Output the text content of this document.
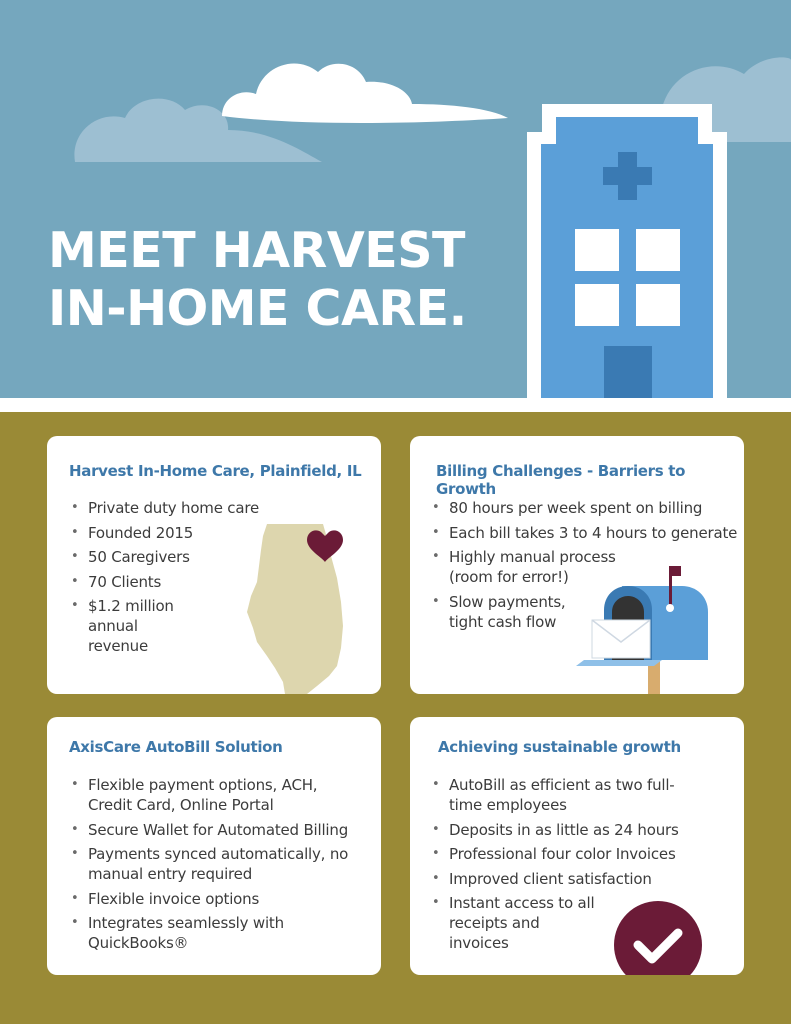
MEET HARVEST
IN-HOME CARE.
Harvest In-Home Care, Plainfield, IL
• Private duty home care
• Founded 2015
• 50 Caregivers
• 70 Clients
• $1.2 million annual revenue
Billing Challenges - Barriers to Growth
• 80 hours per week spent on billing
• Each bill takes 3 to 4 hours to generate
• Highly manual process (room for error!)
• Slow payments, tight cash flow
AxisCare AutoBill Solution
• Flexible payment options, ACH, Credit Card, Online Portal
• Secure Wallet for Automated Billing
• Payments synced automatically, no manual entry required
• Flexible invoice options
• Integrates seamlessly with QuickBooks®
Achieving sustainable growth
• AutoBill as efficient as two full-time employees
• Deposits in as little as 24 hours
• Professional four color Invoices
• Improved client satisfaction
• Instant access to all receipts and invoices
